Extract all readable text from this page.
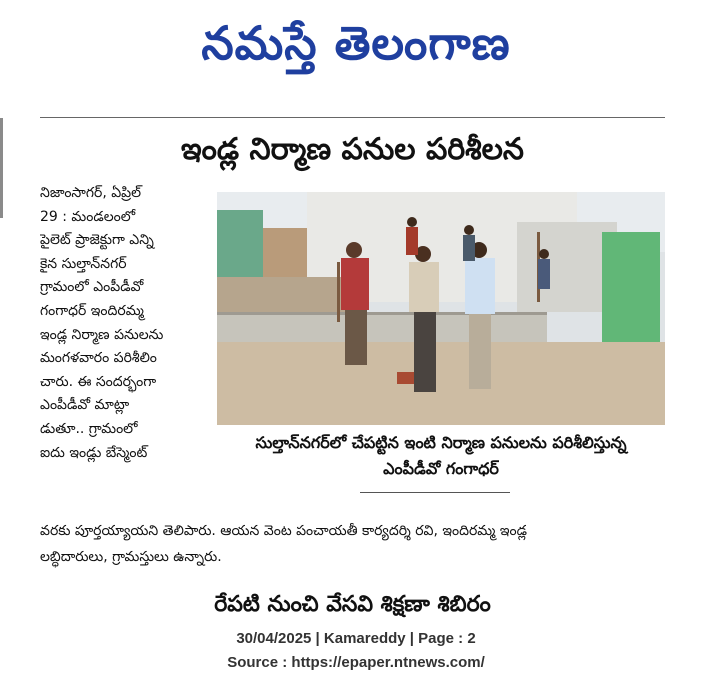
నమస్తే తెలంగాణ
ఇండ్ల నిర్మాణ పనుల పరిశీలన
నిజాంసాగర్, ఏప్రిల్
29 : మండలంలో
పైలెట్ ప్రాజెక్టుగా ఎన్ని
కైన సుల్తాన్‌నగర్
గ్రామంలో ఎంపీడీవో
గంగాధర్ ఇందిరమ్మ
ఇండ్ల నిర్మాణ పనులను
మంగళవారం పరిశీలిం
చారు. ఈ సందర్భంగా
ఎంపీడీవో మాట్లా
డుతూ.. గ్రామంలో
ఐదు ఇండ్లు బేస్మెంట్
సుల్తాన్‌నగర్‌లో చేపట్టిన ఇంటి నిర్మాణ పనులను పరిశీలిస్తున్న
ఎంపీడీవో గంగాధర్
వరకు పూర్తయ్యాయని తెలిపారు. ఆయన వెంట పంచాయతీ కార్యదర్శి రవి, ఇందిరమ్మ ఇండ్ల
లబ్ధిదారులు, గ్రామస్తులు ఉన్నారు.
రేపటి నుంచి వేసవి శిక్షణా శిబిరం
30/04/2025 | Kamareddy | Page : 2
Source : https://epaper.ntnews.com/
